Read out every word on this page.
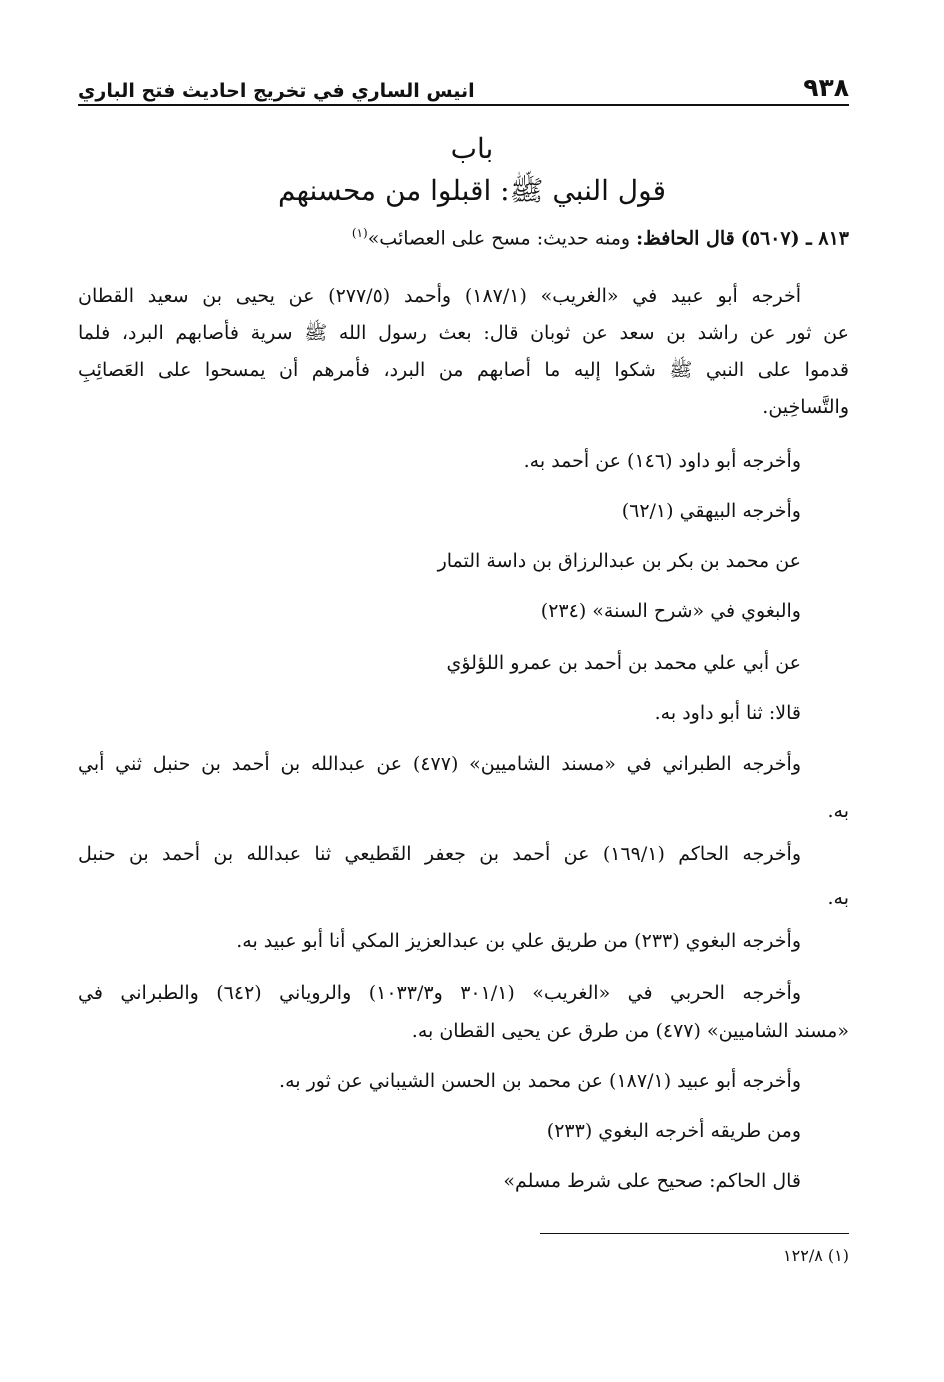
٩٣٨
انيس الساري في تخريج احاديث فتح الباري
باب
قول النبي ﷺ: اقبلوا من محسنهم
٨١٣ ـ (٥٦٠٧) قال الحافظ: ومنه حديث: مسح على العصائب»$^{(١)}$
أخرجه أبو عبيد في «الغريب» (١٨٧/١) وأحمد (٢٧٧/٥) عن يحيى بن سعيد القطان
عن ثور عن راشد بن سعد عن ثوبان قال: بعث رسول الله ﷺ سرية فأصابهم البرد، فلما
قدموا على النبي ﷺ شكوا إليه ما أصابهم من البرد، فأمرهم أن يمسحوا على العَصائِبِ
والتَّساخِين.
وأخرجه أبو داود (١٤٦) عن أحمد به.
وأخرجه البيهقي (٦٢/١)
عن محمد بن بكر بن عبدالرزاق بن داسة التمار
والبغوي في «شرح السنة» (٢٣٤)
عن أبي علي محمد بن أحمد بن عمرو اللؤلؤي
قالا: ثنا أبو داود به.
وأخرجه الطبراني في «مسند الشاميين» (٤٧٧) عن عبدالله بن أحمد بن حنبل ثني أبي
به.
وأخرجه الحاكم (١٦٩/١) عن أحمد بن جعفر القَطيعي ثنا عبدالله بن أحمد بن حنبل
به.
وأخرجه البغوي (٢٣٣) من طريق علي بن عبدالعزيز المكي أنا أبو عبيد به.
وأخرجه الحربي في «الغريب» (٣٠١/١ و١٠٣٣/٣) والروياني (٦٤٢) والطبراني في
«مسند الشاميين» (٤٧٧) من طرق عن يحيى القطان به.
وأخرجه أبو عبيد (١٨٧/١) عن محمد بن الحسن الشيباني عن ثور به.
ومن طريقه أخرجه البغوي (٢٣٣)
قال الحاكم: صحيح على شرط مسلم»
(١) ١٢٢/٨
